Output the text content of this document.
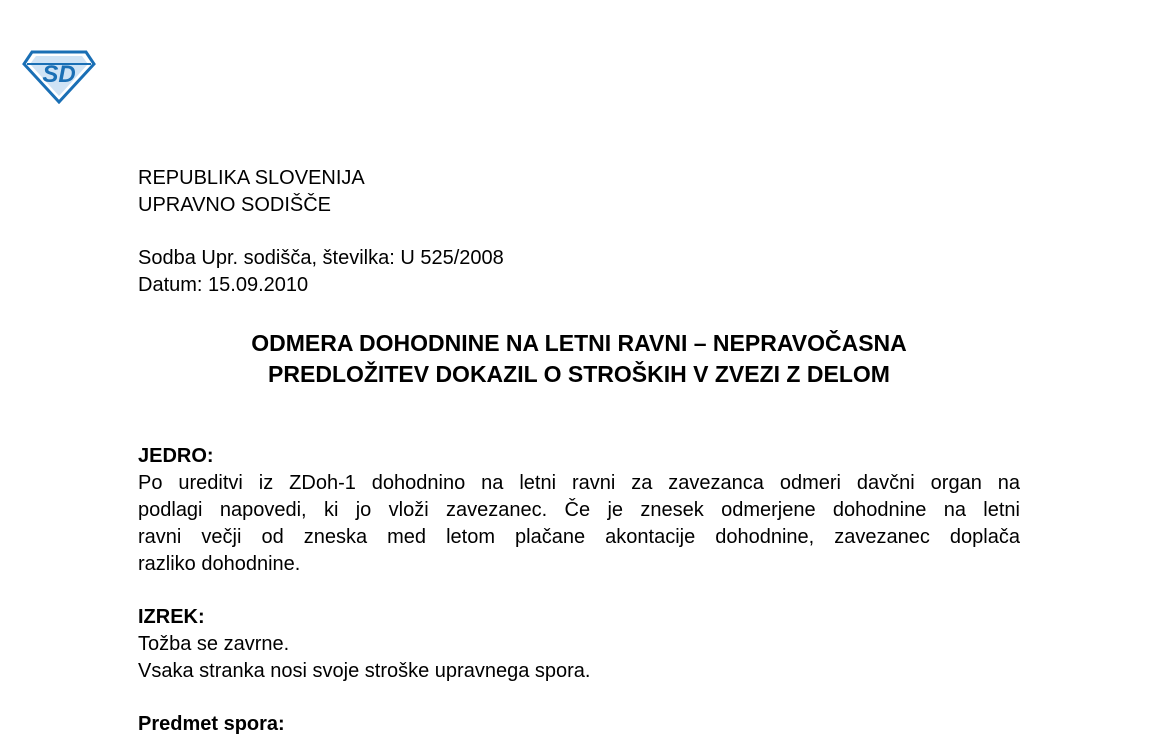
SD
REPUBLIKA SLOVENIJA
UPRAVNO SODIŠČE
Sodba Upr. sodišča, številka: U 525/2008
Datum: 15.09.2010
ODMERA DOHODNINE NA LETNI RAVNI – NEPRAVOČASNA
PREDLOŽITEV DOKAZIL O STROŠKIH V ZVEZI Z DELOM
JEDRO:
Po ureditvi iz ZDoh-1 dohodnino na letni ravni za zavezanca odmeri davčni organ na
podlagi napovedi, ki jo vloži zavezanec. Če je znesek odmerjene dohodnine na letni
ravni večji od zneska med letom plačane akontacije dohodnine, zavezanec doplača
razliko dohodnine.
IZREK:
Tožba se zavrne.
Vsaka stranka nosi svoje stroške upravnega spora.
Predmet spora:
